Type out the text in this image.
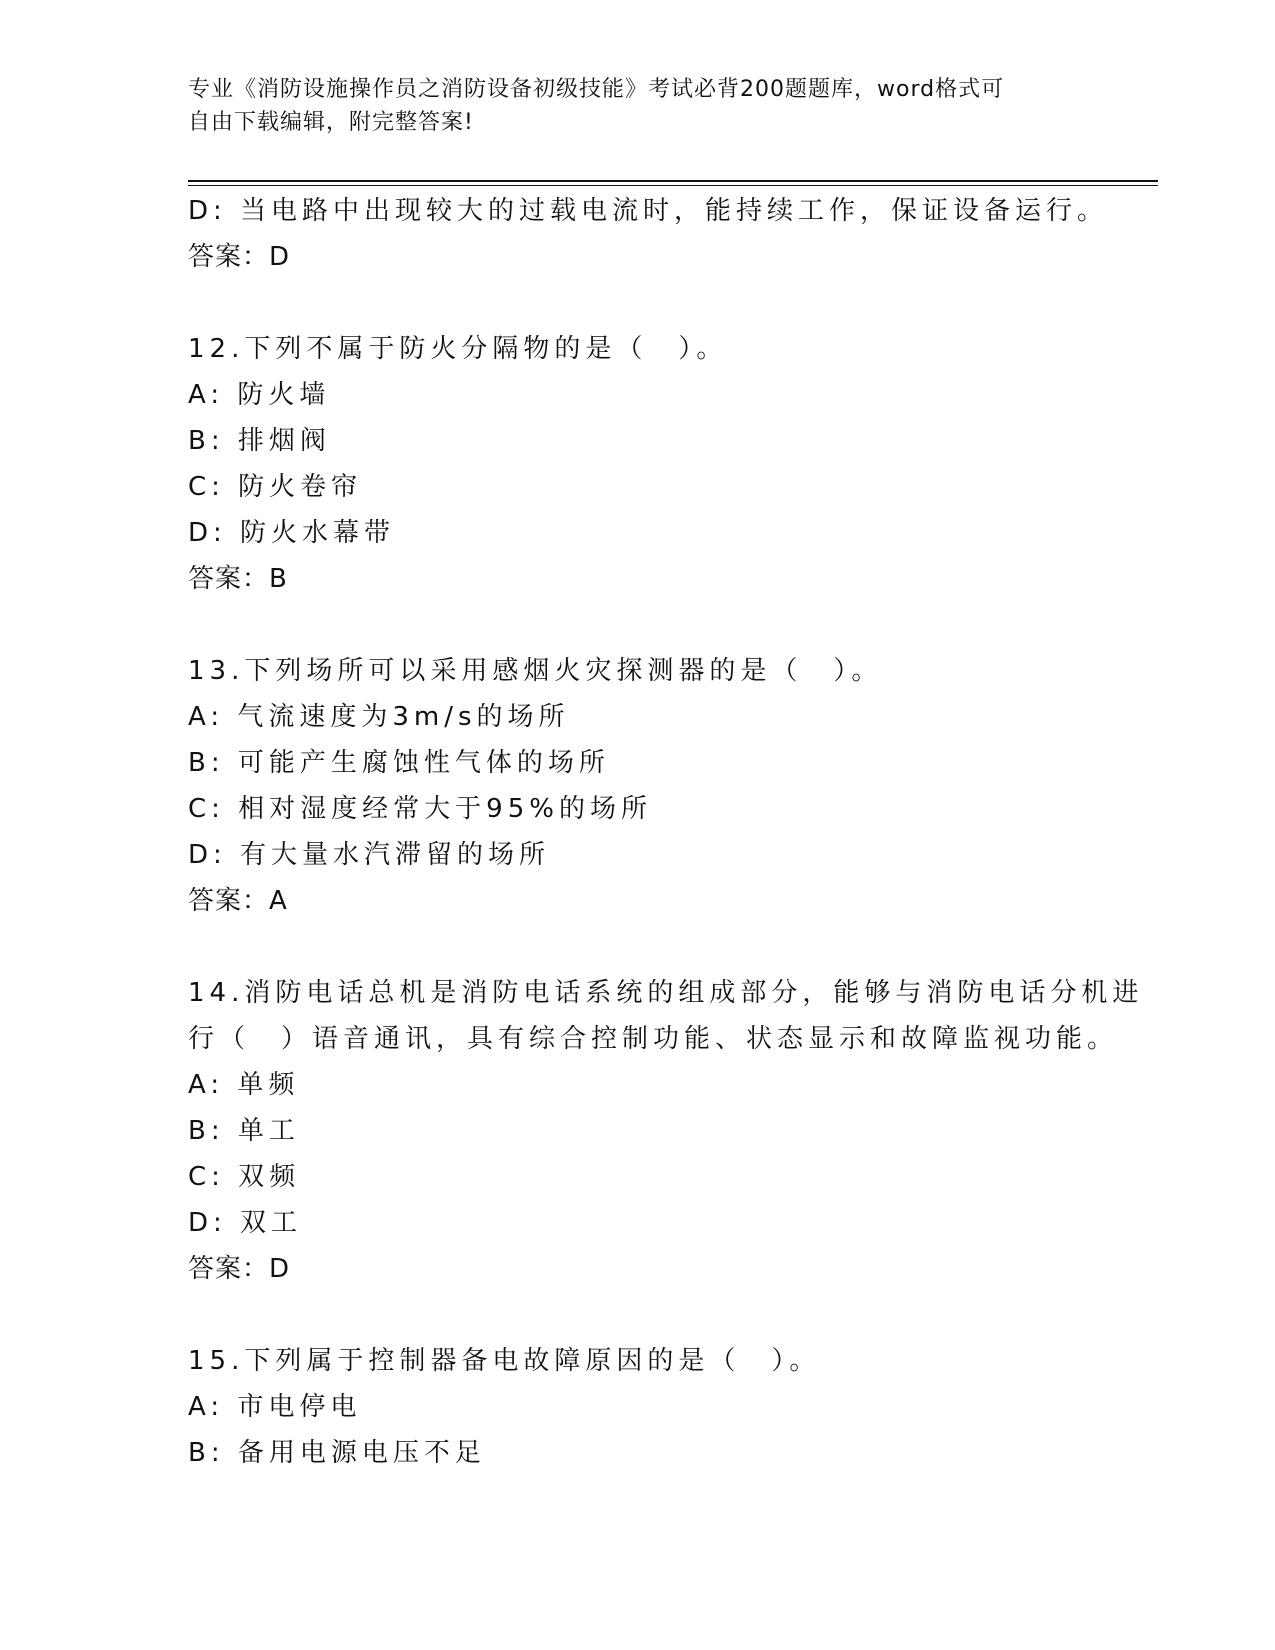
专业《消防设施操作员之消防设备初级技能》考试必背200题题库，word格式可
自由下载编辑，附完整答案!
D: 当电路中出现较大的过载电流时，能持续工作，保证设备运行。
答案：D
12.下列不属于防火分隔物的是（　）。
A: 防火墙
B: 排烟阀
C: 防火卷帘
D: 防火水幕带
答案：B
13.下列场所可以采用感烟火灾探测器的是（　）。
A: 气流速度为3m/s的场所
B: 可能产生腐蚀性气体的场所
C: 相对湿度经常大于95%的场所
D: 有大量水汽滞留的场所
答案：A
14.消防电话总机是消防电话系统的组成部分，能够与消防电话分机进
行（　）语音通讯，具有综合控制功能、状态显示和故障监视功能。
A: 单频
B: 单工
C: 双频
D: 双工
答案：D
15.下列属于控制器备电故障原因的是（　）。
A: 市电停电
B: 备用电源电压不足
